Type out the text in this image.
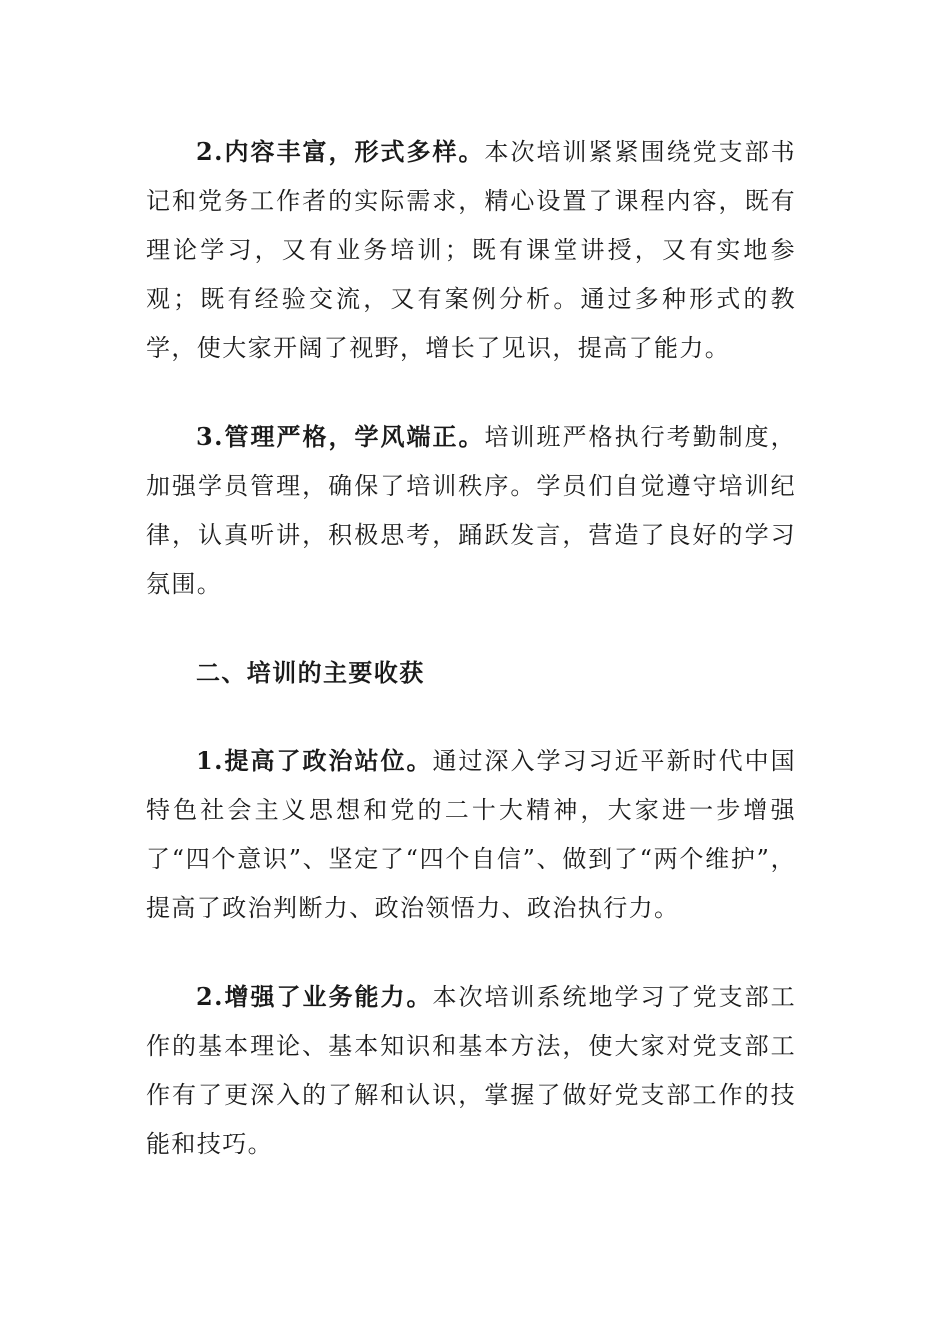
2.内容丰富，形式多样。本次培训紧紧围绕党支部书记和党务工作者的实际需求，精心设置了课程内容，既有理论学习，又有业务培训；既有课堂讲授，又有实地参观；既有经验交流，又有案例分析。通过多种形式的教学，使大家开阔了视野，增长了见识，提高了能力。

3.管理严格，学风端正。培训班严格执行考勤制度，加强学员管理，确保了培训秩序。学员们自觉遵守培训纪律，认真听讲，积极思考，踊跃发言，营造了良好的学习氛围。

二、培训的主要收获

1.提高了政治站位。通过深入学习习近平新时代中国特色社会主义思想和党的二十大精神，大家进一步增强了“四个意识”、坚定了“四个自信”、做到了“两个维护”，提高了政治判断力、政治领悟力、政治执行力。

2.增强了业务能力。本次培训系统地学习了党支部工作的基本理论、基本知识和基本方法，使大家对党支部工作有了更深入的了解和认识，掌握了做好党支部工作的技能和技巧。
